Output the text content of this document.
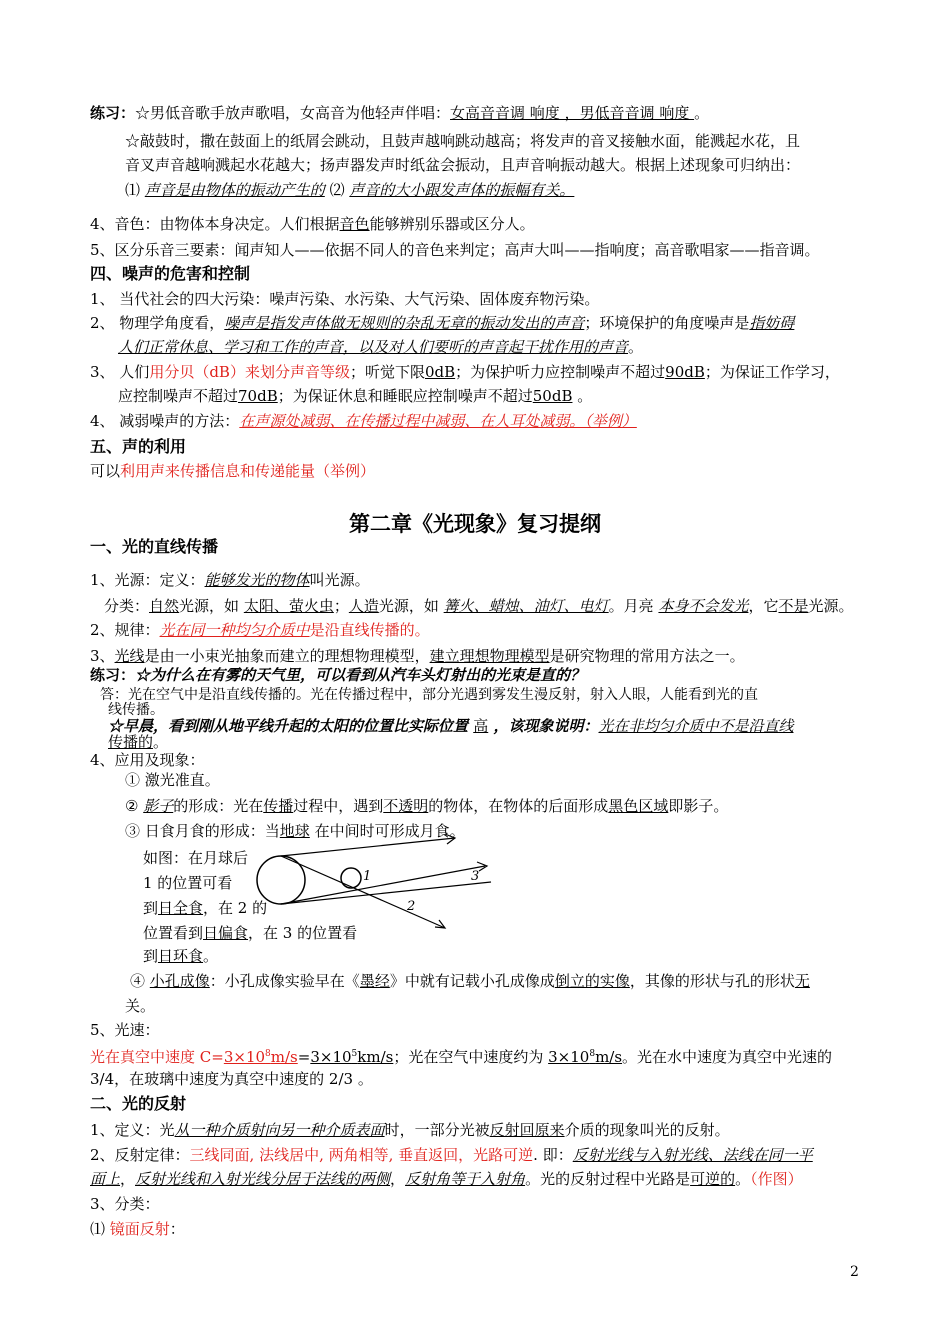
练习：☆男低音歌手放声歌唱，女高音为他轻声伴唱：女高音音调 响度 ，男低音音调 响度 。
☆敲鼓时，撒在鼓面上的纸屑会跳动，且鼓声越响跳动越高；将发声的音叉接触水面，能溅起水花，且
音叉声音越响溅起水花越大；扬声器发声时纸盆会振动，且声音响振动越大。根据上述现象可归纳出：
⑴ 声音是由物体的振动产生的 ⑵ 声音的大小跟发声体的振幅有关。
4、音色：由物体本身决定。人们根据音色能够辨别乐器或区分人。
5、区分乐音三要素：闻声知人——依据不同人的音色来判定；高声大叫——指响度；高音歌唱家——指音调。
四、噪声的危害和控制
1、 当代社会的四大污染：噪声污染、水污染、大气污染、固体废弃物污染。
2、 物理学角度看，噪声是指发声体做无规则的杂乱无章的振动发出的声音；环境保护的角度噪声是指妨碍
人们正常休息、学习和工作的声音，以及对人们要听的声音起干扰作用的声音。
3、 人们用分贝（dB）来划分声音等级；听觉下限0dB；为保护听力应控制噪声不超过90dB；为保证工作学习，
应控制噪声不超过70dB；为保证休息和睡眠应控制噪声不超过50dB 。
4、 减弱噪声的方法：在声源处减弱、在传播过程中减弱、在人耳处减弱。（举例）
五、声的利用
可以利用声来传播信息和传递能量（举例）
第二章《光现象》复习提纲
一、光的直线传播
1、光源：定义：能够发光的物体叫光源。
分类：自然光源，如 太阳、萤火虫；人造光源，如 篝火、蜡烛、油灯、电灯。月亮 本身不会发光，它不是光源。
2、规律：光在同一种均匀介质中是沿直线传播的。
3、光线是由一小束光抽象而建立的理想物理模型，建立理想物理模型是研究物理的常用方法之一。
练习：☆为什么在有雾的天气里，可以看到从汽车头灯射出的光束是直的？
答：光在空气中是沿直线传播的。光在传播过程中，部分光遇到雾发生漫反射，射入人眼，人能看到光的直
线传播。
☆早晨，看到刚从地平线升起的太阳的位置比实际位置 高 ，该现象说明：光在非均匀介质中不是沿直线
传播的。
4、应用及现象：
① 激光准直。
② 影子的形成：光在传播过程中，遇到不透明的物体，在物体的后面形成黑色区域即影子。
③ 日食月食的形成：当地球 在中间时可形成月食。
如图：在月球后
1 的位置可看
到日全食，在 2 的
位置看到日偏食，在 3 的位置看
到日环食。
1
2
3
④ 小孔成像：小孔成像实验早在《墨经》中就有记载小孔成像成倒立的实像，其像的形状与孔的形状无
关。
5、光速：
光在真空中速度 $C=3\times 10^8m/s=3\times 10^5km/s$；光在空气中速度约为 $3\times 10^8m/s$。光在水中速度为真空中光速的
3/4，在玻璃中速度为真空中速度的 2/3 。
二、光的反射
1、定义：光从一种介质射向另一种介质表面时，一部分光被反射回原来介质的现象叫光的反射。
2、反射定律：三线同面, 法线居中, 两角相等, 垂直返回，光路可逆. 即：反射光线与入射光线、法线在同一平
面上，反射光线和入射光线分居于法线的两侧，反射角等于入射角。光的反射过程中光路是可逆的。（作图）
3、分类：
⑴ 镜面反射：
2
